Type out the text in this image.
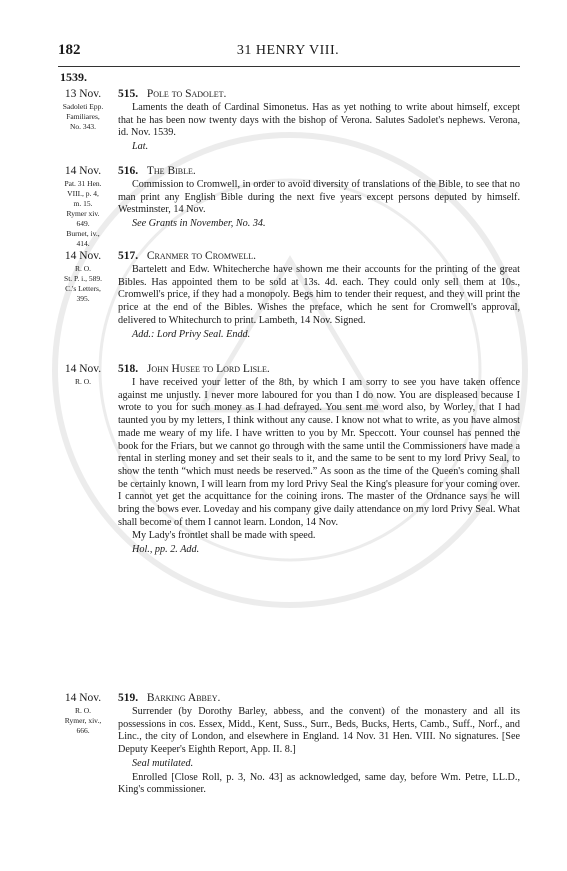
182	31 HENRY VIII.
1539.
13 Nov.
Sadoleti Epp.
Familiares,
No. 343.
515. Pole to Sadolet.

Laments the death of Cardinal Simonetus. Has as yet nothing to write about himself, except that he has been now twenty days with the bishop of Verona. Salutes Sadolet's nephews. Verona, id. Nov. 1539.

Lat.
14 Nov.
Pat. 31 Hen.
VIII., p. 4,
m. 15.
Rymer xiv.
649.
Burnet, iv.,
414.
516. The Bible.

Commission to Cromwell, in order to avoid diversity of translations of the Bible, to see that no man print any English Bible during the next five years except persons deputed by himself. Westminster, 14 Nov.

See Grants in November, No. 34.
14 Nov.
R. O.
St. P. i., 589.
C.'s Letters,
395.
517. Cranmer to Cromwell.

Bartelett and Edw. Whitecherche have shown me their accounts for the printing of the great Bibles. Has appointed them to be sold at 13s. 4d. each. They could only sell them at 10s., Cromwell's price, if they had a monopoly. Begs him to tender their request, and they will print the price at the end of the Bibles. Wishes the preface, which he sent for Cromwell's approval, delivered to Whitechurch to print. Lambeth, 14 Nov. Signed.

Add.: Lord Privy Seal. Endd.
14 Nov.
R. O.
518. John Husee to Lord Lisle.

I have received your letter of the 8th, by which I am sorry to see you have taken offence against me unjustly. I never more laboured for you than I do now. You are displeased because I wrote to you for such money as I had defrayed. You sent me word also, by Worley, that I had taunted you by my letters, I think without any cause. I know not what to write, as you have almost made me weary of my life. I have written to you by Mr. Speccott. Your counsel has penned the book for the Friars, but we cannot go through with the same until the Commissioners have made a rental in sterling money and set their seals to it, and the same to be sent to my lord Privy Seal, to show the tenth “which must needs be reserved.” As soon as the time of the Queen's coming shall be certainly known, I will learn from my lord Privy Seal the King's pleasure for your coming over. I cannot yet get the acquittance for the coining irons. The master of the Ordnance says he will bring the bows ever. Loveday and his company give daily attendance on my lord Privy Seal. What shall become of them I cannot learn. London, 14 Nov.

My Lady's frontlet shall be made with speed.

Hol., pp. 2. Add.
14 Nov.
R. O.
Rymer, xiv.,
666.
519. Barking Abbey.

Surrender (by Dorothy Barley, abbess, and the convent) of the monastery and all its possessions in cos. Essex, Midd., Kent, Suss., Surr., Beds, Bucks, Herts, Camb., Suff., Norf., and Linc., the city of London, and elsewhere in England. 14 Nov. 31 Hen. VIII. No signatures. [See Deputy Keeper's Eighth Report, App. II. 8.]

Seal mutilated.

Enrolled [Close Roll, p. 3, No. 43] as acknowledged, same day, before Wm. Petre, LL.D., King's commissioner.
